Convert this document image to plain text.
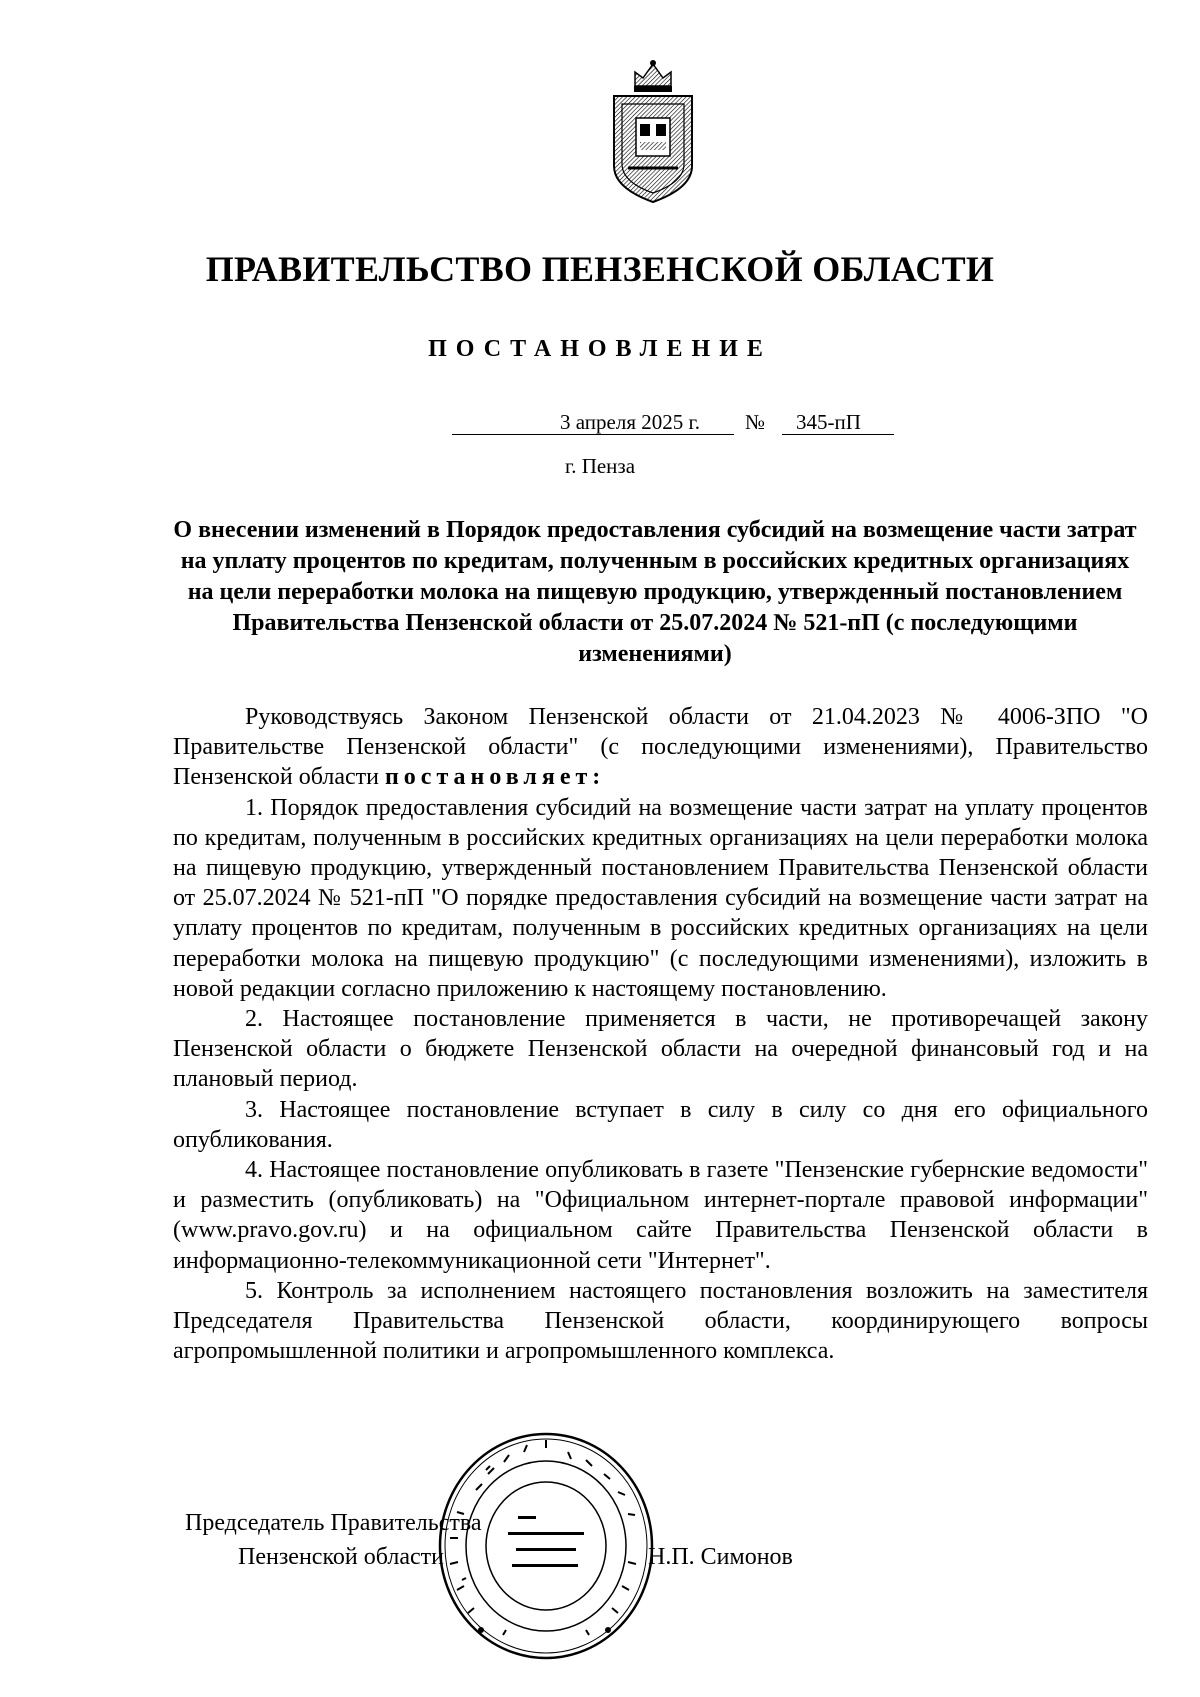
ПРАВИТЕЛЬСТВО ПЕНЗЕНСКОЙ ОБЛАСТИ
ПОСТАНОВЛЕНИЕ
3 апреля 2025 г.	№	345-пП
г. Пенза
О внесении изменений в Порядок предоставления субсидий на возмещение части затрат на уплату процентов по кредитам, полученным в российских кредитных организациях на цели переработки молока на пищевую продукцию, утвержденный постановлением Правительства Пензенской области от 25.07.2024 № 521-пП (с последующими изменениями)

Руководствуясь Законом Пензенской области от 21.04.2023 № 4006-ЗПО "О Правительстве Пензенской области" (с последующими изменениями), Правительство Пензенской области постановляет:

1. Порядок предоставления субсидий на возмещение части затрат на уплату процентов по кредитам, полученным в российских кредитных организациях на цели переработки молока на пищевую продукцию, утвержденный постановлением Правительства Пензенской области от 25.07.2024 № 521-пП "О порядке предоставления субсидий на возмещение части затрат на уплату процентов по кредитам, полученным в российских кредитных организациях на цели переработки молока на пищевую продукцию" (с последующими изменениями), изложить в новой редакции согласно приложению к настоящему постановлению.

2. Настоящее постановление применяется в части, не противоречащей закону Пензенской области о бюджете Пензенской области на очередной финансовый год и на плановый период.

3. Настоящее постановление вступает в силу в силу со дня его официального опубликования.

4. Настоящее постановление опубликовать в газете "Пензенские губернские ведомости" и разместить (опубликовать) на "Официальном интернет-портале правовой информации" (www.pravo.gov.ru) и на официальном сайте Правительства Пензенской области в информационно-телекоммуникационной сети "Интернет".

5. Контроль за исполнением настоящего постановления возложить на заместителя Председателя Правительства Пензенской области, координирующего вопросы агропромышленной политики и агропромышленного комплекса.

Председатель Правительства
Пензенской области	Н.П. Симонов
